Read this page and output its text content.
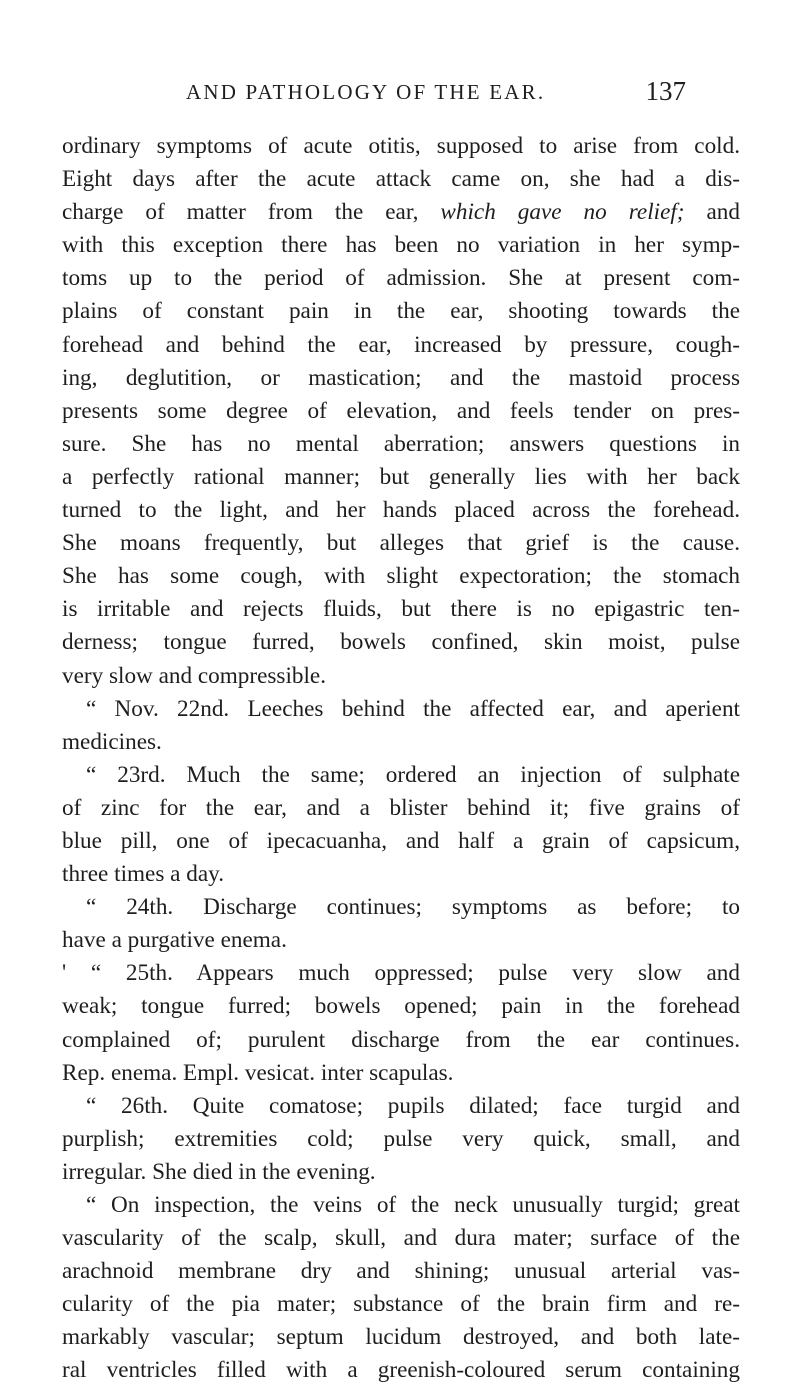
AND PATHOLOGY OF THE EAR.	137
ordinary symptoms of acute otitis, supposed to arise from cold.
Eight days after the acute attack came on, she had a dis-
charge of matter from the ear, which gave no relief; and
with this exception there has been no variation in her symp-
toms up to the period of admission. She at present com-
plains of constant pain in the ear, shooting towards the
forehead and behind the ear, increased by pressure, cough-
ing, deglutition, or mastication; and the mastoid process
presents some degree of elevation, and feels tender on pres-
sure. She has no mental aberration; answers questions in
a perfectly rational manner; but generally lies with her back
turned to the light, and her hands placed across the forehead.
She moans frequently, but alleges that grief is the cause.
She has some cough, with slight expectoration; the stomach
is irritable and rejects fluids, but there is no epigastric ten-
derness; tongue furred, bowels confined, skin moist, pulse
very slow and compressible.
“ Nov. 22nd. Leeches behind the affected ear, and aperient
medicines.
“ 23rd. Much the same; ordered an injection of sulphate
of zinc for the ear, and a blister behind it; five grains of
blue pill, one of ipecacuanha, and half a grain of capsicum,
three times a day.
“ 24th. Discharge continues; symptoms as before; to
have a purgative enema.
' “ 25th. Appears much oppressed; pulse very slow and
weak; tongue furred; bowels opened; pain in the forehead
complained of; purulent discharge from the ear continues.
Rep. enema. Empl. vesicat. inter scapulas.
“ 26th. Quite comatose; pupils dilated; face turgid and
purplish; extremities cold; pulse very quick, small, and
irregular. She died in the evening.
“ On inspection, the veins of the neck unusually turgid; great
vascularity of the scalp, skull, and dura mater; surface of the
arachnoid membrane dry and shining; unusual arterial vas-
cularity of the pia mater; substance of the brain firm and re-
markably vascular; septum lucidum destroyed, and both late-
ral ventricles filled with a greenish-coloured serum containing
